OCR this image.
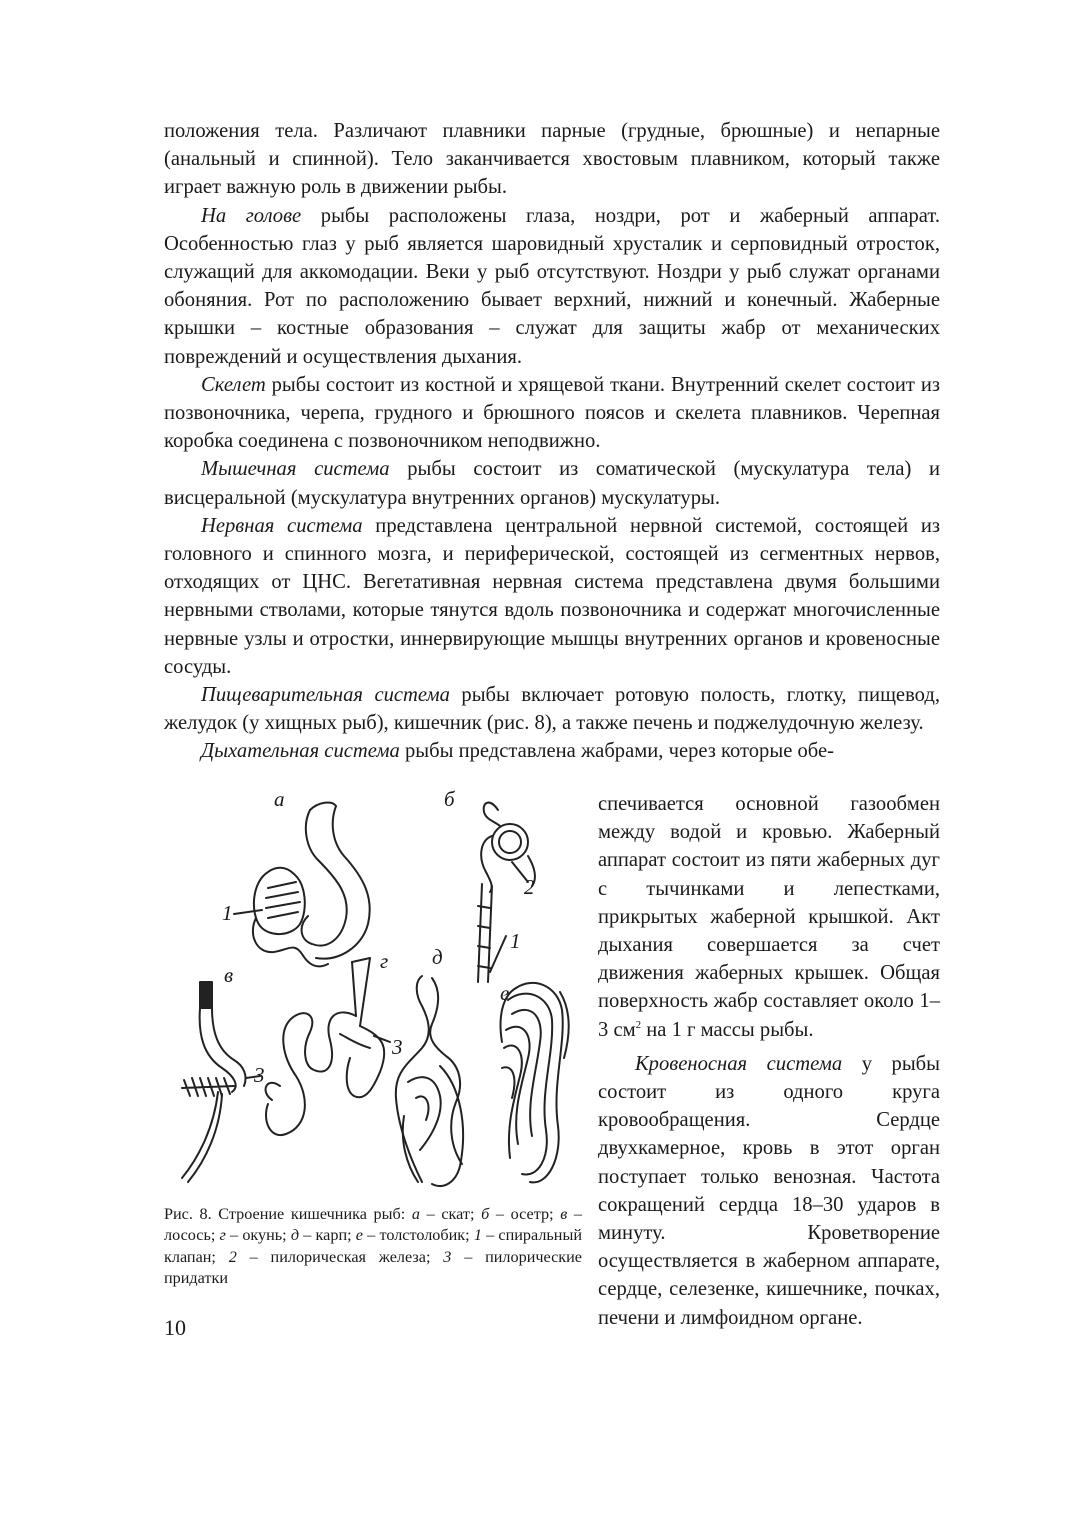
положения тела. Различают плавники парные (грудные, брюшные) и непарные (анальный и спинной). Тело заканчивается хвостовым плавником, который также играет важную роль в движении рыбы.

На голове рыбы расположены глаза, ноздри, рот и жаберный аппарат. Особенностью глаз у рыб является шаровидный хрусталик и серповидный отросток, служащий для аккомодации. Веки у рыб отсутствуют. Ноздри у рыб служат органами обоняния. Рот по расположению бывает верхний, нижний и конечный. Жаберные крышки – костные образования – служат для защиты жабр от механических повреждений и осуществления дыхания.

Скелет рыбы состоит из костной и хрящевой ткани. Внутренний скелет состоит из позвоночника, черепа, грудного и брюшного поясов и скелета плавников. Черепная коробка соединена с позвоночником неподвижно.

Мышечная система рыбы состоит из соматической (мускулатура тела) и висцеральной (мускулатура внутренних органов) мускулатуры.

Нервная система представлена центральной нервной системой, состоящей из головного и спинного мозга, и периферической, состоящей из сегментных нервов, отходящих от ЦНС. Вегетативная нервная система представлена двумя большими нервными стволами, которые тянутся вдоль позвоночника и содержат многочисленные нервные узлы и отростки, иннервирующие мышцы внутренних органов и кровеносные сосуды.

Пищеварительная система рыбы включает ротовую полость, глотку, пищевод, желудок (у хищных рыб), кишечник (рис. 8), а также печень и поджелудочную железу.

Дыхательная система рыбы представлена жабрами, через которые обе-

спечивается основной газообмен между водой и кровью. Жаберный аппарат состоит из пяти жаберных дуг с тычинками и лепестками, прикрытых жаберной крышкой. Акт дыхания совершается за счет движения жаберных крышек. Общая поверхность жабр составляет около 1–3 $см^2$ на 1 г массы рыбы.

Кровеносная система у рыбы состоит из одного круга кровообращения. Сердце двухкамерное, кровь в этот орган поступает только венозная. Частота сокращений сердца 18–30 ударов в минуту. Кроветворение осуществляется в жаберном аппарате, сердце, селезенке, кишечнике, почках, печени и лимфоидном органе.

а	б
в
г д
е
1
1
2
3
3
Рис. 8. Строение кишечника рыб: а – скат; б – осетр; в – лосось; г – окунь; д – карп; е – толстолобик; 1 – спиральный клапан; 2 – пилорическая железа; 3 – пилорические придатки
10
